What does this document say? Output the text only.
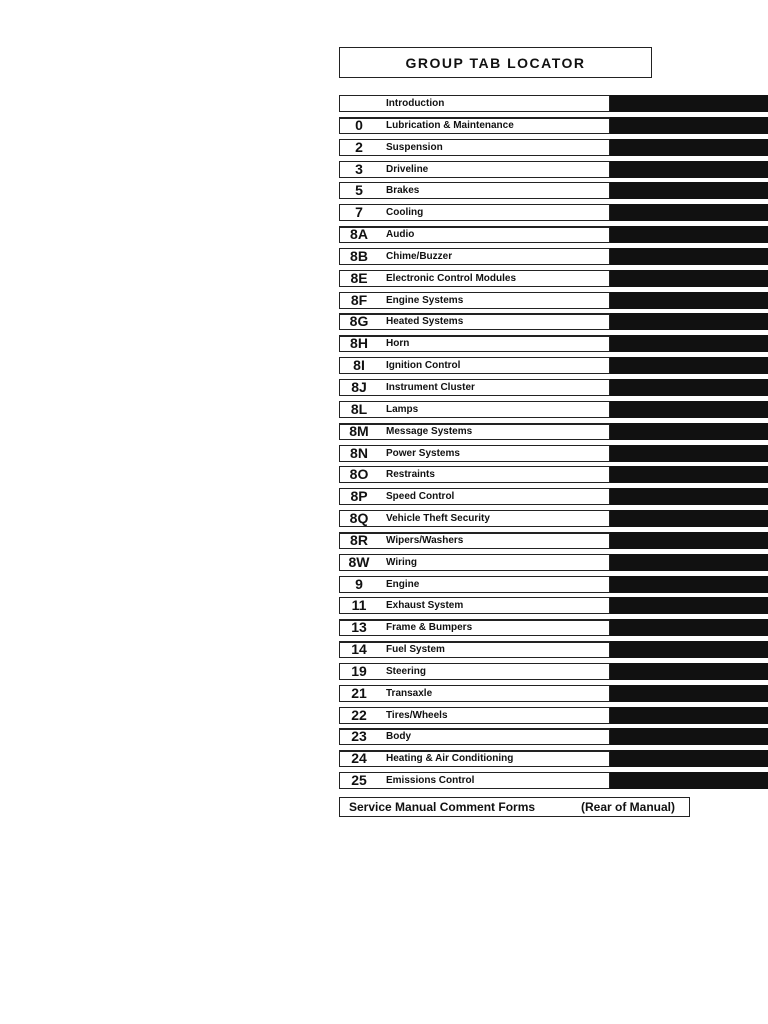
GROUP TAB LOCATOR
Introduction
0	Lubrication & Maintenance
2	Suspension
3	Driveline
5	Brakes
7	Cooling
8A	Audio
8B	Chime/Buzzer
8E	Electronic Control Modules
8F	Engine Systems
8G	Heated Systems
8H	Horn
8I	Ignition Control
8J	Instrument Cluster
8L	Lamps
8M	Message Systems
8N	Power Systems
8O	Restraints
8P	Speed Control
8Q	Vehicle Theft Security
8R	Wipers/Washers
8W	Wiring
9	Engine
11	Exhaust System
13	Frame & Bumpers
14	Fuel System
19	Steering
21	Transaxle
22	Tires/Wheels
23	Body
24	Heating & Air Conditioning
25	Emissions Control
Service Manual Comment Forms	(Rear of Manual)
